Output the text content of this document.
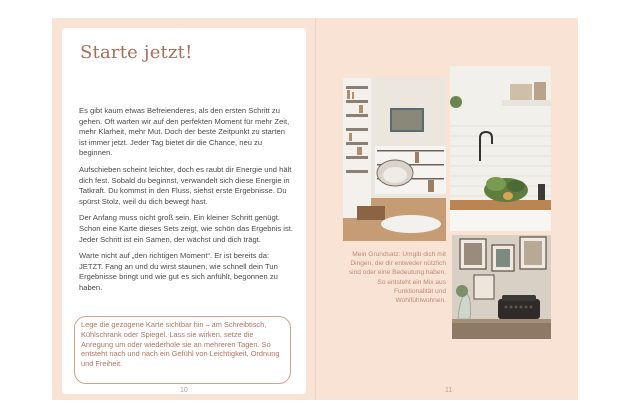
Starte jetzt!

Es gibt kaum etwas Befreienderes, als den ersten Schritt zu gehen. Oft warten wir auf den perfekten Moment für mehr Zeit, mehr Klarheit, mehr Mut. Doch der beste Zeitpunkt zu starten ist immer jetzt. Jeder Tag bietet dir die Chance, neu zu beginnen.

Aufschieben scheint leichter, doch es raubt dir Energie und hält dich fest. Sobald du beginnst, verwandelt sich diese Energie in Tatkraft. Du kommst in den Fluss, siehst erste Ergebnisse. Du spürst Stolz, weil du dich bewegt hast.

Der Anfang muss nicht groß sein. Ein kleiner Schritt genügt. Schon eine Karte dieses Sets zeigt, wie schön das Ergebnis ist. Jeder Schritt ist ein Samen, der wächst und dich trägt.

Warte nicht auf „den richtigen Moment“. Er ist bereits da: JETZT. Fang an und du wirst staunen, wie schnell dein Tun Ergebnisse bringt und wie gut es sich anfühlt, begonnen zu haben.

Lege die gezogene Karte sichtbar hin – am Schreibtisch, Kühlschrank oder Spiegel. Lass sie wirken, setze die Anregung um oder wiederhole sie an mehreren Tagen. So entsteht nach und nach ein Gefühl von Leichtigkeit, Ordnung und Freiheit.
10
Mein Grundsatz: Umgib dich mit Dingen, die dir entweder nützlich sind oder eine Bedeutung haben. So entsteht ein Mix aus Funktionalität und Wohlfühlwohnen.
11
